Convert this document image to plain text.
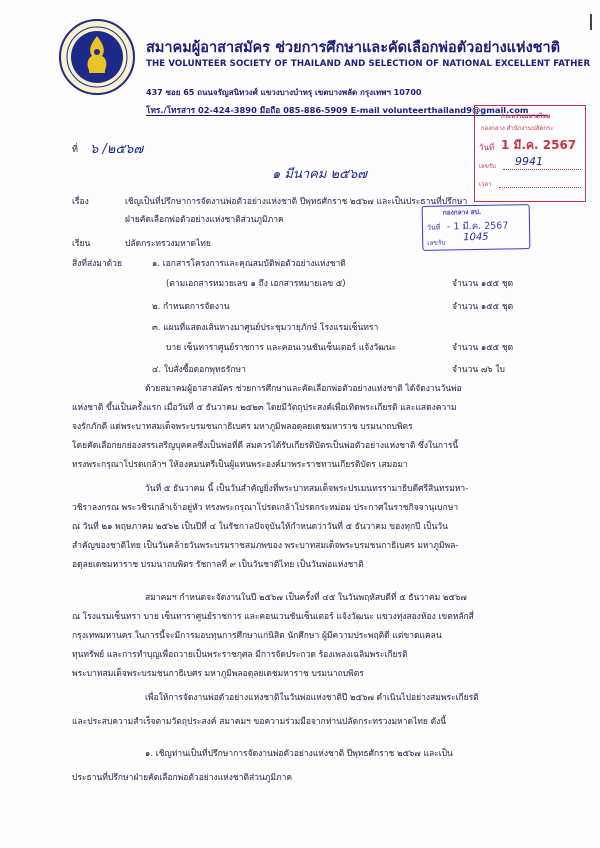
สมาคมผู้อาสาสมัคร ช่วยการศึกษาและคัดเลือกพ่อตัวอย่างแห่งชาติ
THE VOLUNTEER SOCIETY OF THAILAND AND SELECTION OF NATIONAL EXCELLENT FATHER
437 ซอย 65 ถนนจรัญสนิทวงศ์ แขวงบางบำหรุ เขตบางพลัด กรุงเทพฯ 10700
โทร./โทรสาร 02-424-3890 มือถือ 085-886-5909 E-mail volunteerthailand9@gmail.com
กระทรวงมหาดไทย
กองกลาง สำนักงานปลัดกระ
วันที่ 1 มี.ค. 2567
เลขรับ 9941
เวลา
กองกลาง สป.
วันที่ - 1 มี.ค. 2567
เลขรับ 1045
ที่ ๖ /๒๕๖๗
๑ มีนาคม ๒๕๖๗
เรื่อง	เชิญเป็นที่ปรึกษาการจัดงานพ่อตัวอย่างแห่งชาติ ปีพุทธศักราช ๒๕๖๗ และเป็นประธานที่ปรึกษา
ฝ่ายคัดเลือกพ่อตัวอย่างแห่งชาติส่วนภูมิภาค
เรียน	ปลัดกระทรวงมหาดไทย
สิ่งที่ส่งมาด้วย	๑. เอกสารโครงการและคุณสมบัติพ่อตัวอย่างแห่งชาติ
(ตามเอกสารหมายเลข ๑ ถึง เอกสารหมายเลข ๕)	จำนวน ๑๕๕ ชุด
๒. กำหนดการจัดงาน	จำนวน ๑๕๕ ชุด
๓. แผนที่แสดงเส้นทางมาศูนย์ประชุมวายุภักษ์ โรงแรมเซ็นทรา
บาย เซ็นทาราศูนย์ราชการ และคอนเวนชันเซ็นเตอร์ แจ้งวัฒนะ	จำนวน ๑๕๕ ชุด
๔. ใบสั่งซื้อดอกพุทธรักษา	จำนวน ๗๖ ใบ
ด้วยสมาคมผู้อาสาสมัคร ช่วยการศึกษาและคัดเลือกพ่อตัวอย่างแห่งชาติ ได้จัดงานวันพ่อ
แห่งชาติ ขึ้นเป็นครั้งแรก เมื่อวันที่ ๕ ธันวาคม ๒๕๒๓ โดยมีวัตถุประสงค์เพื่อเทิดพระเกียรติ และแสดงความ
จงรักภักดี แด่พระบาทสมเด็จพระบรมชนกาธิเบศร มหาภูมิพลอดุลยเดชมหาราช บรมนาถบพิตร
โดยคัดเลือกยกย่องสรรเสริญบุคคลซึ่งเป็นพ่อที่ดี สมควรได้รับเกียรติบัตรเป็นพ่อตัวอย่างแห่งชาติ ซึ่งในการนี้
ทรงพระกรุณาโปรดเกล้าฯ ให้องคมนตรีเป็นผู้แทนพระองค์มาพระราชทานเกียรติบัตร เสมอมา
วันที่ ๕ ธันวาคม นี้ เป็นวันสำคัญยิ่งที่พระบาทสมเด็จพระปรเมนทรรามาธิบดีศรีสินทรมหา-
วชิราลงกรณ พระวชิรเกล้าเจ้าอยู่หัว ทรงพระกรุณาโปรดเกล้าโปรดกระหม่อม ประกาศในราชกิจจานุเบกษา
ณ วันที่ ๒๑ พฤษภาคม ๒๕๖๒ เป็นปีที่ ๔ ในรัชกาลปัจจุบันให้กำหนดว่าวันที่ ๕ ธันวาคม ของทุกปี เป็นวัน
สำคัญของชาติไทย เป็นวันคล้ายวันพระบรมราชสมภพของ พระบาทสมเด็จพระบรมชนกาธิเบศร มหาภูมิพล-
อดุลยเดชมหาราช บรมนาถบพิตร รัชกาลที่ ๙ เป็นวันชาติไทย เป็นวันพ่อแห่งชาติ
สมาคมฯ กำหนดจะจัดงานในปี ๒๕๖๗ เป็นครั้งที่ ๔๕ ในวันพฤหัสบดีที่ ๕ ธันวาคม ๒๕๖๗
ณ โรงแรมเซ็นทรา บาย เซ็นทาราศูนย์ราชการ และคอนเวนชันเซ็นเตอร์ แจ้งวัฒนะ แขวงทุ่งสองห้อง เขตหลักสี่
กรุงเทพมหานคร ในการนี้จะมีการมอบทุนการศึกษาแก่นิสิต นักศึกษา ผู้มีความประพฤติดี แต่ขาดแคลน
ทุนทรัพย์ และการทำบุญเพื่อถวายเป็นพระราชกุศล มีการจัดประกวด ร้องเพลงเฉลิมพระเกียรติ
พระบาทสมเด็จพระบรมชนกาธิเบศร มหาภูมิพลอดุลยเดชมหาราช บรมนาถบพิตร
เพื่อให้การจัดงานพ่อตัวอย่างแห่งชาติในวันพ่อแห่งชาติปี ๒๕๖๗ ดำเนินไปอย่างสมพระเกียรติ
และประสบความสำเร็จตามวัตถุประสงค์ สมาคมฯ ขอความร่วมมือจากท่านปลัดกระทรวงมหาดไทย ดังนี้
๑. เชิญท่านเป็นที่ปรึกษาการจัดงานพ่อตัวอย่างแห่งชาติ ปีพุทธศักราช ๒๕๖๗ และเป็น
ประธานที่ปรึกษาฝ่ายคัดเลือกพ่อตัวอย่างแห่งชาติส่วนภูมิภาค
